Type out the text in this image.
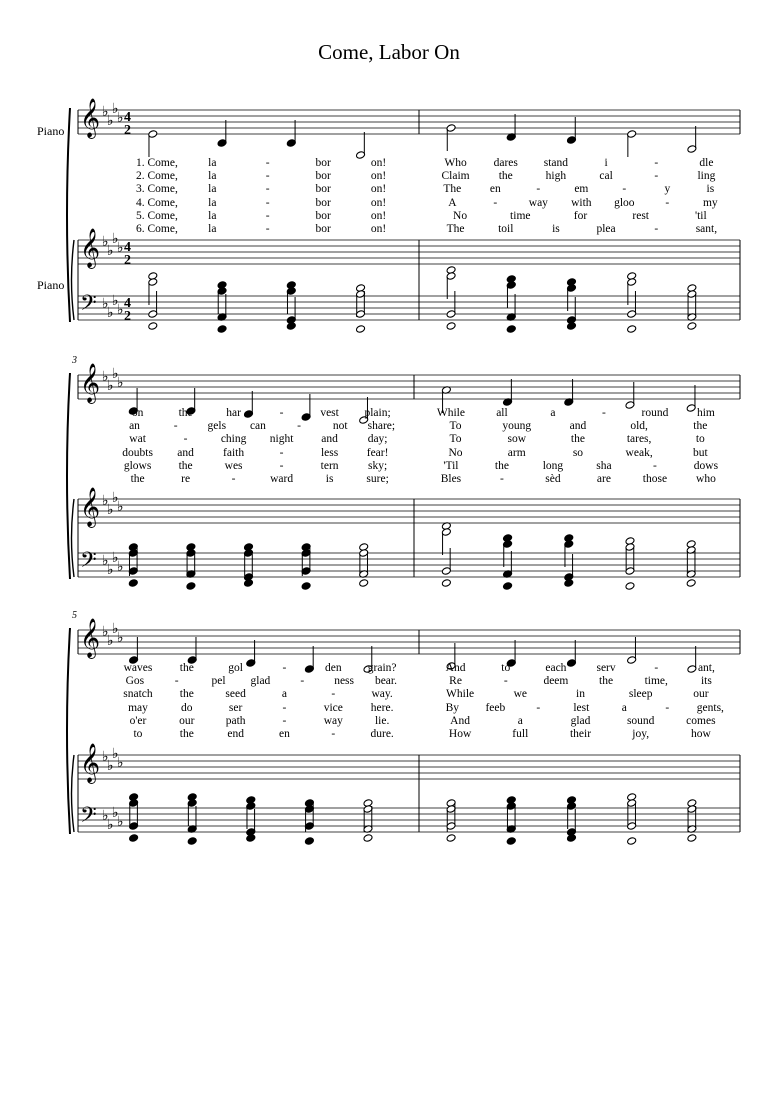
Come, Labor On
𝄞
𝄞
𝄢
♭
♭
♭
♭
♭
♭
♭
♭
♭
♭
♭
♭
4
2
4
2
4
2
𝄞
𝄞
𝄢
♭
♭
♭
♭
♭
♭
♭
♭
♭
♭
♭
♭
𝄞
𝄞
𝄢
♭
♭
♭
♭
♭
♭
♭
♭
♭
♭
♭
♭
1. Come,	la	-	bor	on!
2. Come,	la	-	bor	on!
3. Come,	la	-	bor	on!
4. Come,	la	-	bor	on!
5. Come,	la	-	bor	on!
6. Come,	la	-	bor	on!
Who dares stand	i	-	dle
Claim	the	high	cal	-	ling
The en	-	em	-	y	is
A	-	way with gloo	-	my
No	time	for	rest	'til
The	toil	is	plea	-	sant,
Piano
Piano
3
on	the	har	-	vest plain;
an	-	gels can	-	not share;
wat	-	ching night and	day;
doubts and	faith	-	less fear!
glows the	wes	-	tern	sky;
the	re	-	ward	is	sure;
While	all	a	-	round him
To	young	and	old,	the
To	sow	the	tares,	to
No	arm	so	weak,	but
'Til	the	long	sha	-	dows
Bles	-	sèd	are	those	who
5
waves the	gol	-	den grain?
Gos	-	pel glad	-	ness bear.
snatch the	seed	a	-	way.
may	do	ser	-	vice here.
o'er	our	path	-	way	lie.
to	the	end	en	-	dure.
And	to	each	serv	-	ant,
Re	-	deem	the	time,	its
While	we	in	sleep	our
By feeb	-	lest	a	- gents,
And	a	glad	sound	comes
How	full	their	joy,	how
